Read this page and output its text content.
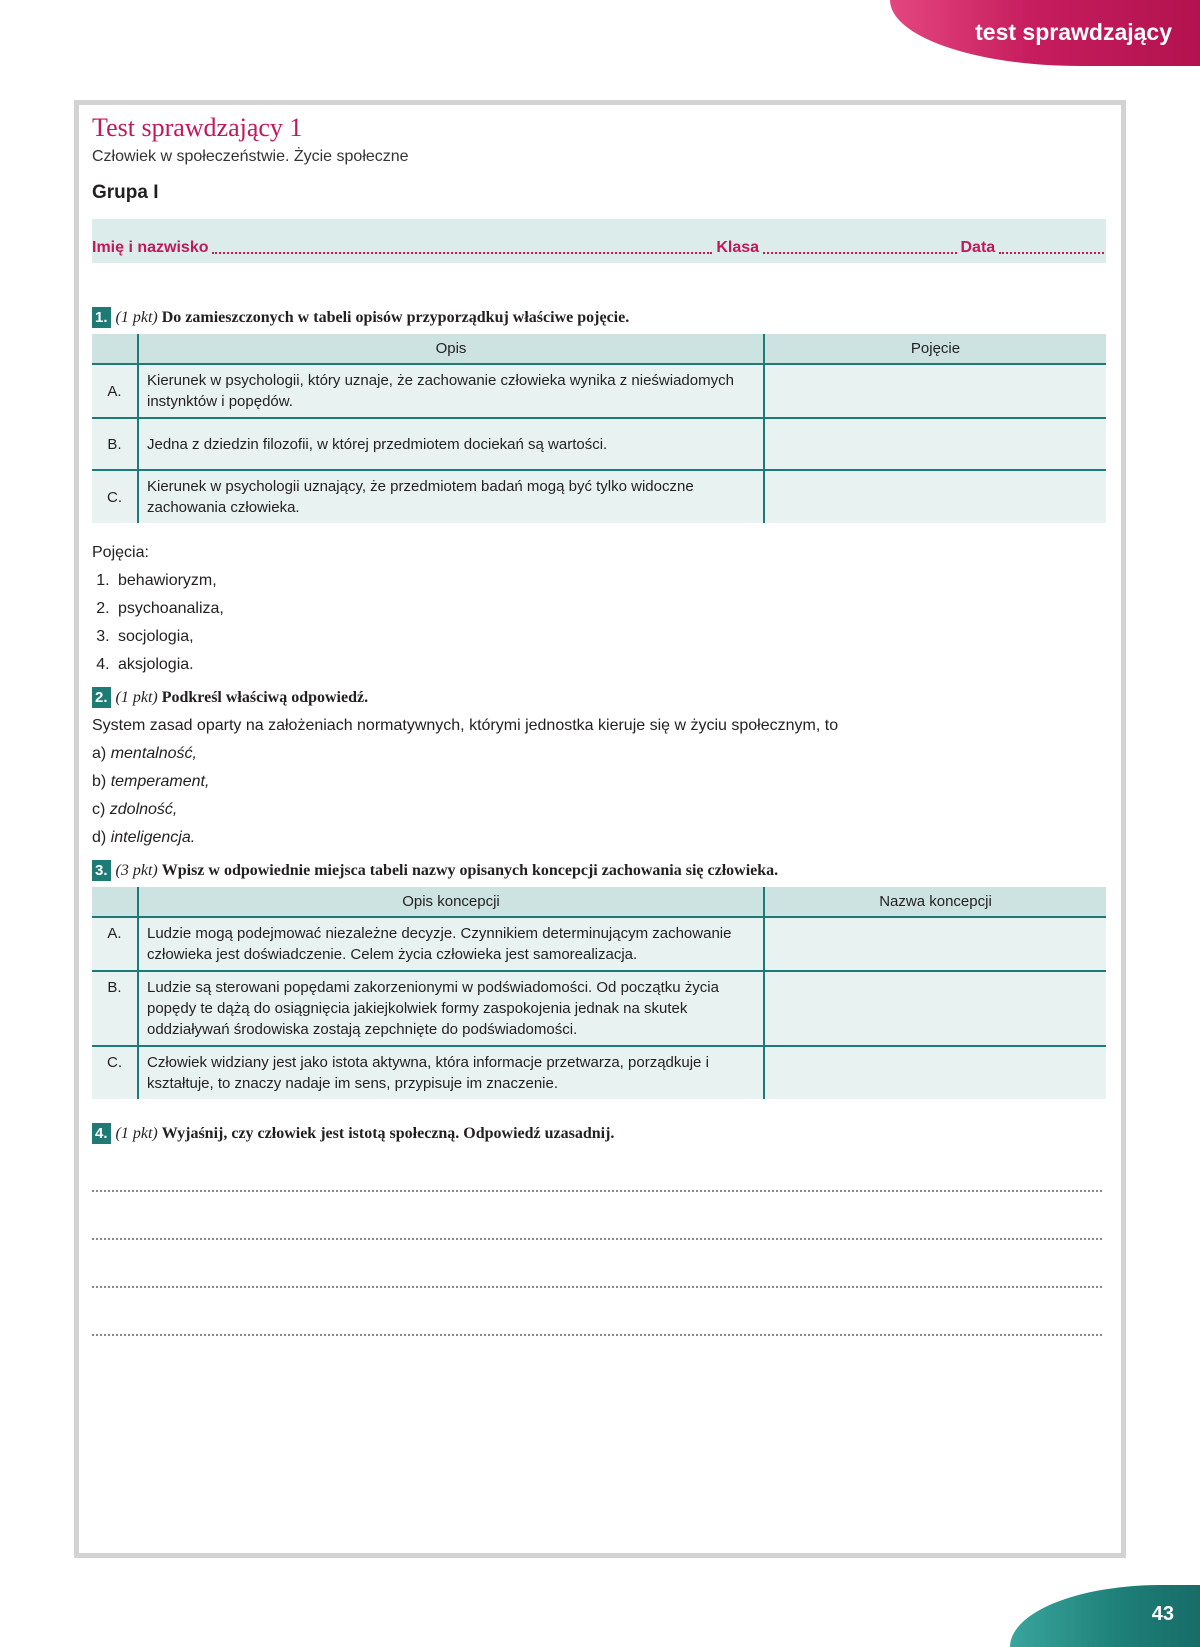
test sprawdzający
Test sprawdzający 1
Człowiek w społeczeństwie. Życie społeczne
Grupa I
Imię i nazwisko	Klasa	Data
1. (1 pkt) Do zamieszczonych w tabeli opisów przyporządkuj właściwe pojęcie.
	Opis	Pojęcie
A.	Kierunek w psychologii, który uznaje, że zachowanie człowieka wynika z nieświadomych instynktów i popędów.	
B.	Jedna z dziedzin filozofii, w której przedmiotem dociekań są wartości.	
C.	Kierunek w psychologii uznający, że przedmiotem badań mogą być tylko widoczne zachowania człowieka.	
Pojęcia:
1. behawioryzm,
2. psychoanaliza,
3. socjologia,
4. aksjologia.
2. (1 pkt) Podkreśl właściwą odpowiedź.
System zasad oparty na założeniach normatywnych, którymi jednostka kieruje się w życiu społecznym, to
a) mentalność,
b) temperament,
c) zdolność,
d) inteligencja.
3. (3 pkt) Wpisz w odpowiednie miejsca tabeli nazwy opisanych koncepcji zachowania się człowieka.
	Opis koncepcji	Nazwa koncepcji
A.	Ludzie mogą podejmować niezależne decyzje. Czynnikiem determinującym zachowanie człowieka jest doświadczenie. Celem życia człowieka jest samorealizacja.	
B.	Ludzie są sterowani popędami zakorzenionymi w podświadomości. Od początku życia popędy te dążą do osiągnięcia jakiejkolwiek formy zaspokojenia jednak na skutek oddziaływań środowiska zostają zepchnięte do podświadomości.	
C.	Człowiek widziany jest jako istota aktywna, która informacje przetwarza, porządkuje i kształtuje, to znaczy nadaje im sens, przypisuje im znaczenie.	
4. (1 pkt) Wyjaśnij, czy człowiek jest istotą społeczną. Odpowiedź uzasadnij.
43
